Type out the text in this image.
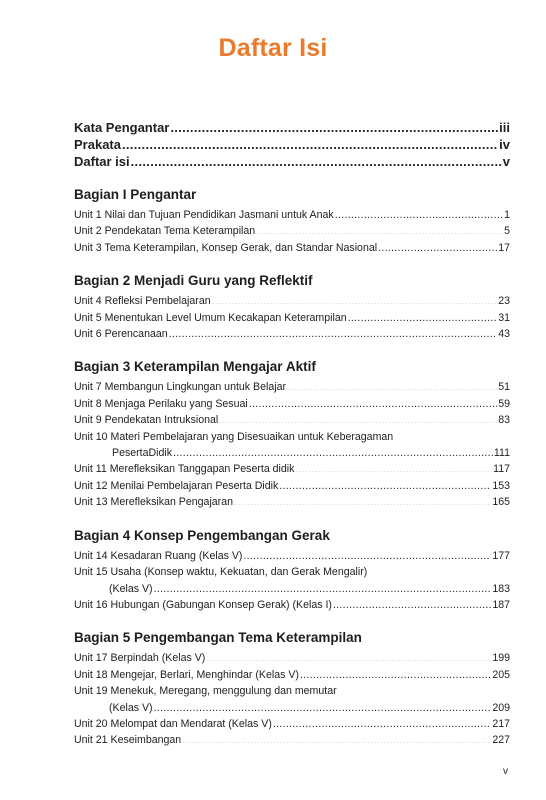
Daftar Isi
Kata Pengantar .....	iii
Prakata .....	iv
Daftar isi .....	v
Bagian I Pengantar
Unit 1 Nilai dan Tujuan Pendidikan Jasmani untuk Anak .....	1
Unit 2 Pendekatan Tema Keterampilan .....	5
Unit 3 Tema Keterampilan, Konsep Gerak, dan Standar Nasional .....	17
Bagian 2 Menjadi Guru yang Reflektif
Unit 4 Refleksi Pembelajaran .....	23
Unit 5 Menentukan Level Umum Kecakapan Keterampilan .....	31
Unit 6 Perencanaan .....	43
Bagian 3 Keterampilan Mengajar Aktif
Unit 7 Membangun Lingkungan untuk Belajar .....	51
Unit 8 Menjaga Perilaku yang Sesuai .....	59
Unit 9 Pendekatan Intruksional .....	83
Unit 10 Materi Pembelajaran yang Disesuaikan untuk Keberagaman
PesertaDidik .....	111
Unit 11 Merefleksikan Tanggapan Peserta didik .....	117
Unit 12 Menilai Pembelajaran Peserta Didik .....	153
Unit 13 Merefleksikan Pengajaran .....	165
Bagian 4 Konsep Pengembangan Gerak
Unit 14 Kesadaran Ruang (Kelas V) .....	177
Unit 15 Usaha (Konsep waktu, Kekuatan, dan Gerak Mengalir)
(Kelas V) .....	183
Unit 16 Hubungan (Gabungan Konsep Gerak) (Kelas I) .....	187
Bagian 5 Pengembangan Tema Keterampilan
Unit 17 Berpindah (Kelas V) .....	199
Unit 18 Mengejar, Berlari, Menghindar (Kelas V) .....	205
Unit 19 Menekuk, Meregang, menggulung dan memutar
(Kelas V) .....	209
Unit 20 Melompat dan Mendarat (Kelas V) .....	217
Unit 21 Keseimbangan .....	227
v
